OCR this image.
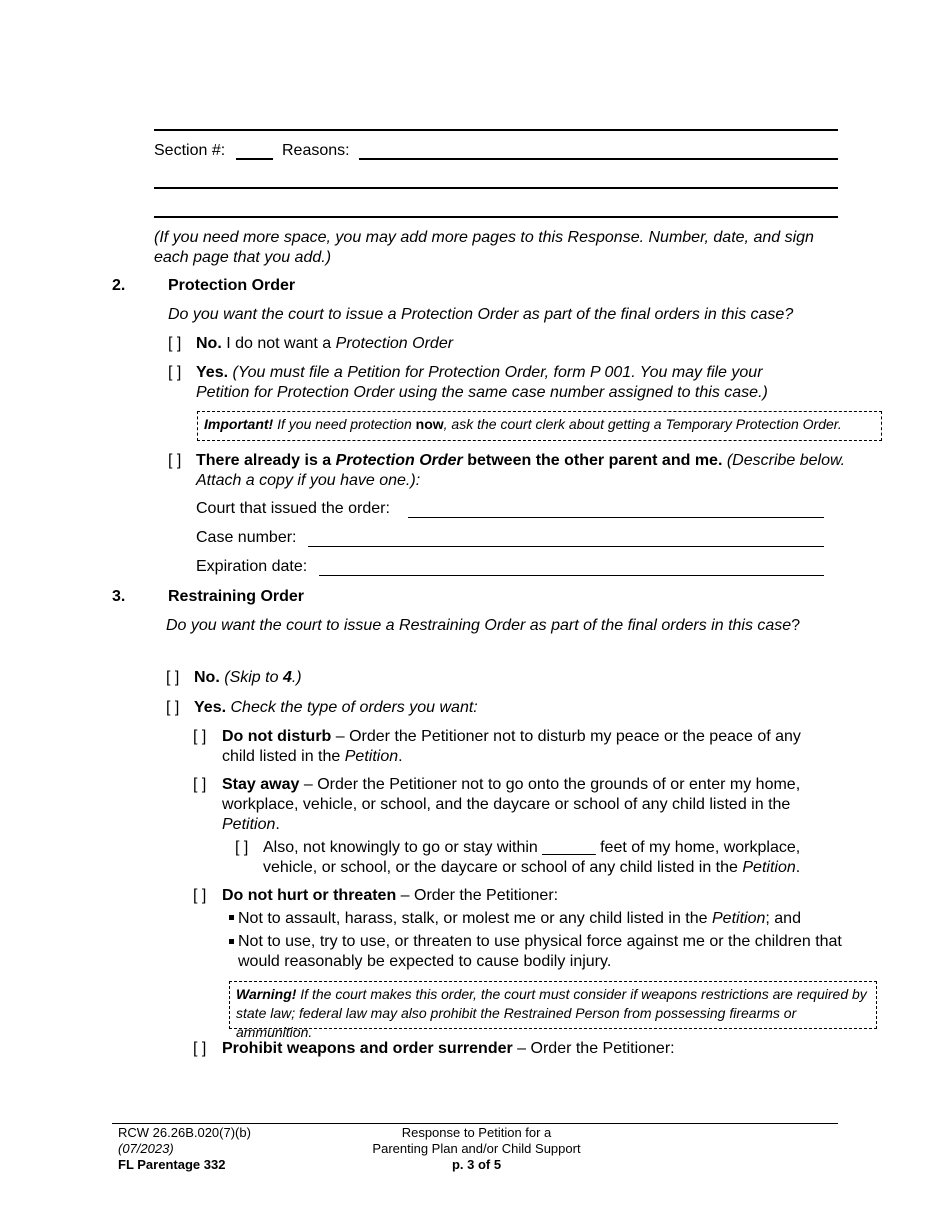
Section #:	Reasons:
(If you need more space, you may add more pages to this Response. Number, date, and sign each page that you add.)
2.	Protection Order
Do you want the court to issue a Protection Order as part of the final orders in this case?
[ ] No. I do not want a Protection Order
[ ] Yes. (You must file a Petition for Protection Order, form P 001. You may file your Petition for Protection Order using the same case number assigned to this case.)
Important! If you need protection now, ask the court clerk about getting a Temporary Protection Order.
[ ] There already is a Protection Order between the other parent and me. (Describe below. Attach a copy if you have one.):
Court that issued the order:
Case number:
Expiration date:
3.	Restraining Order
Do you want the court to issue a Restraining Order as part of the final orders in this case?
[ ] No. (Skip to 4.)
[ ] Yes. Check the type of orders you want:
[ ] Do not disturb – Order the Petitioner not to disturb my peace or the peace of any child listed in the Petition.
[ ] Stay away – Order the Petitioner not to go onto the grounds of or enter my home, workplace, vehicle, or school, and the daycare or school of any child listed in the Petition.
[ ] Also, not knowingly to go or stay within ______ feet of my home, workplace, vehicle, or school, or the daycare or school of any child listed in the Petition.
[ ] Do not hurt or threaten – Order the Petitioner:
Not to assault, harass, stalk, or molest me or any child listed in the Petition; and
Not to use, try to use, or threaten to use physical force against me or the children that would reasonably be expected to cause bodily injury.
Warning! If the court makes this order, the court must consider if weapons restrictions are required by state law; federal law may also prohibit the Restrained Person from possessing firearms or ammunition.
[ ] Prohibit weapons and order surrender – Order the Petitioner:
RCW 26.26B.020(7)(b)
(07/2023)
FL Parentage 332
Response to Petition for a
Parenting Plan and/or Child Support
p. 3 of 5
